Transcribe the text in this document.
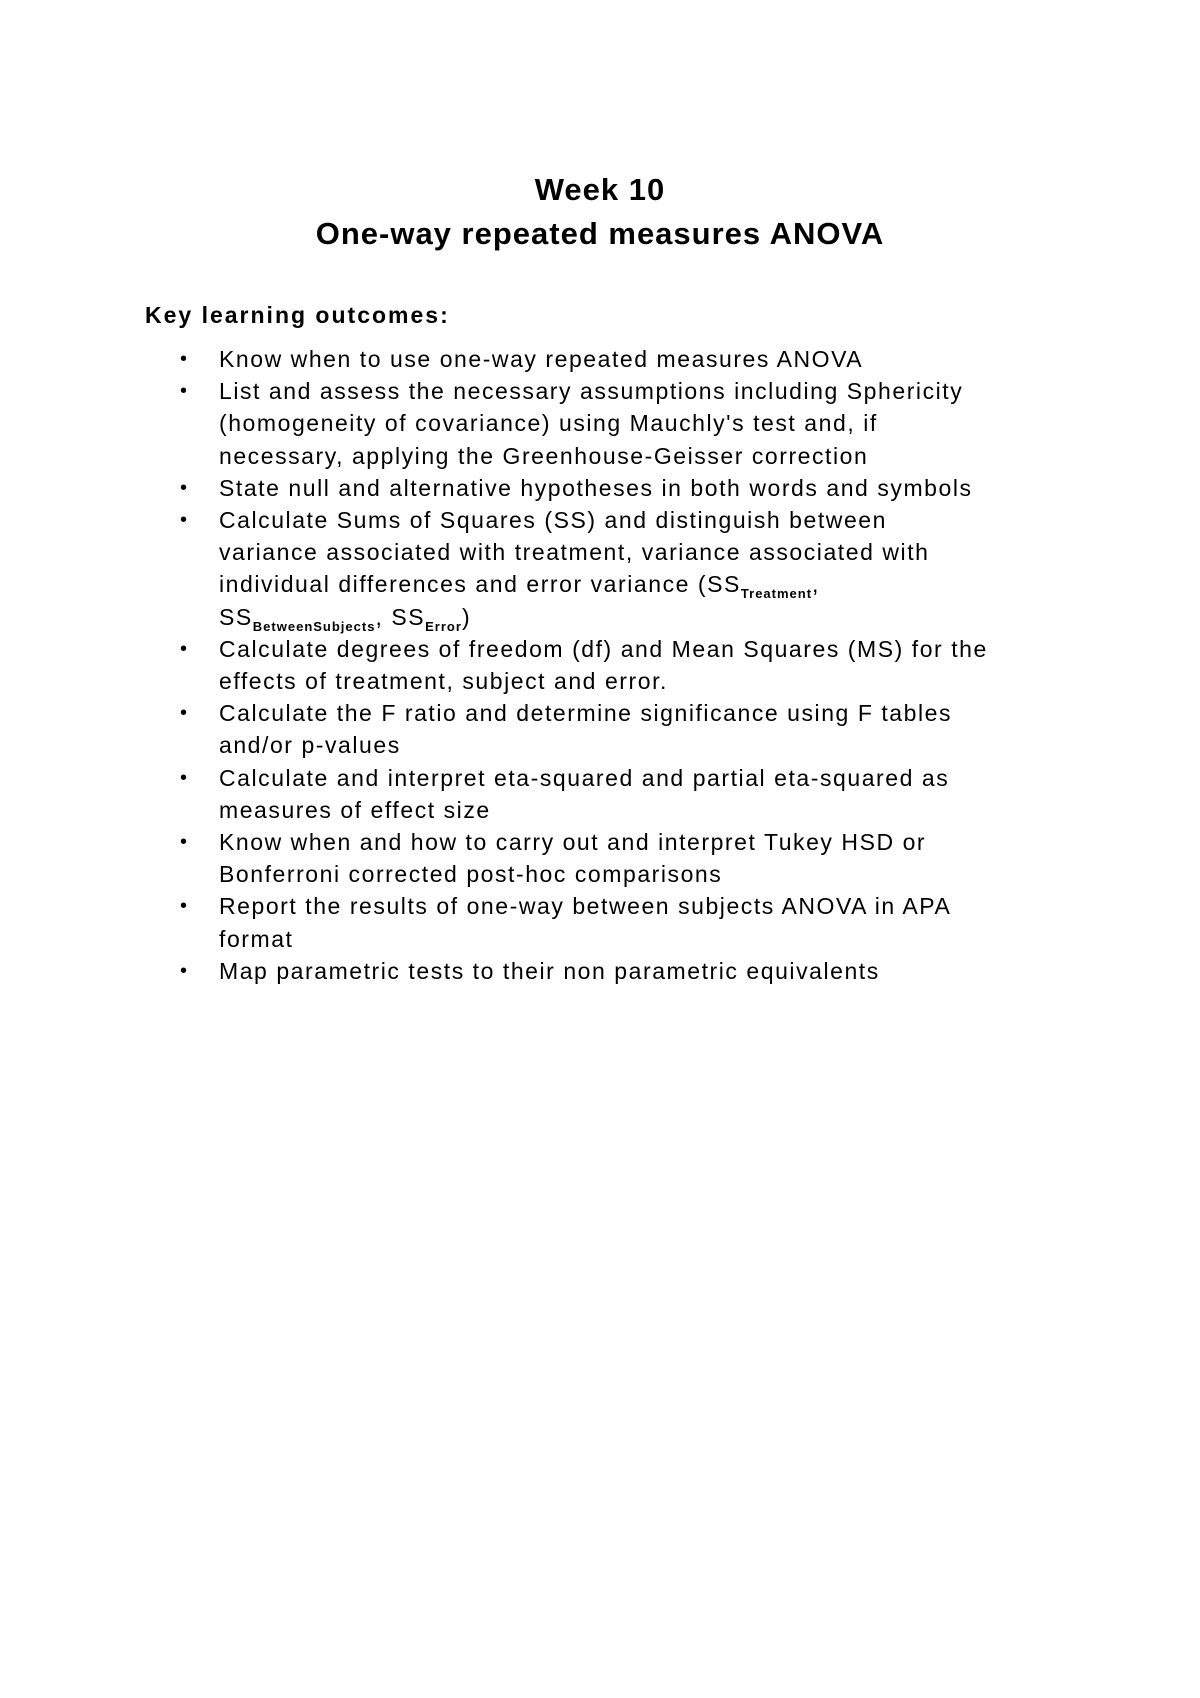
Week 10

One-way repeated measures ANOVA

Key learning outcomes:

• Know when to use one-way repeated measures ANOVA
• List and assess the necessary assumptions including Sphericity
(homogeneity of covariance) using Mauchly's test and, if
necessary, applying the Greenhouse-Geisser correction
• State null and alternative hypotheses in both words and symbols
• Calculate Sums of Squares (SS) and distinguish between
variance associated with treatment, variance associated with
individual differences and error variance ($SS_{Treatment}$,
$SS_{BetweenSubjects}$, $SS_{Error}$)
• Calculate degrees of freedom (df) and Mean Squares (MS) for the
effects of treatment, subject and error.
• Calculate the F ratio and determine significance using F tables
and/or p-values
• Calculate and interpret eta-squared and partial eta-squared as
measures of effect size
• Know when and how to carry out and interpret Tukey HSD or
Bonferroni corrected post-hoc comparisons
• Report the results of one-way between subjects ANOVA in APA
format
• Map parametric tests to their non parametric equivalents
